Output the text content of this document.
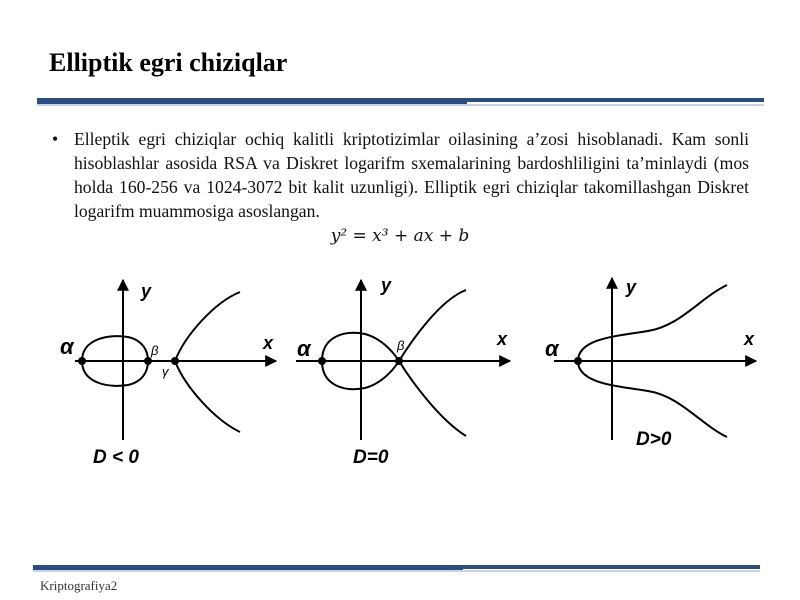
Elliptik egri chiziqlar
• Elleptik egri chiziqlar ochiq kalitli kriptotizimlar oilasining a’zosi hisoblanadi. Kam sonli hisoblashlar asosida RSA va Diskret logarifm sxemalarining bardoshliligini ta’minlaydi (mos holda 160-256 va 1024-3072 bit kalit uzunligi). Elliptik egri chiziqlar takomillashgan Diskret logarifm muammosiga asoslangan.
y² = x³ + ax + b
α	β
γ
y
x
D < 0
α	β
y
x
D=0
α
y
x
D>0
Kriptografiya2
